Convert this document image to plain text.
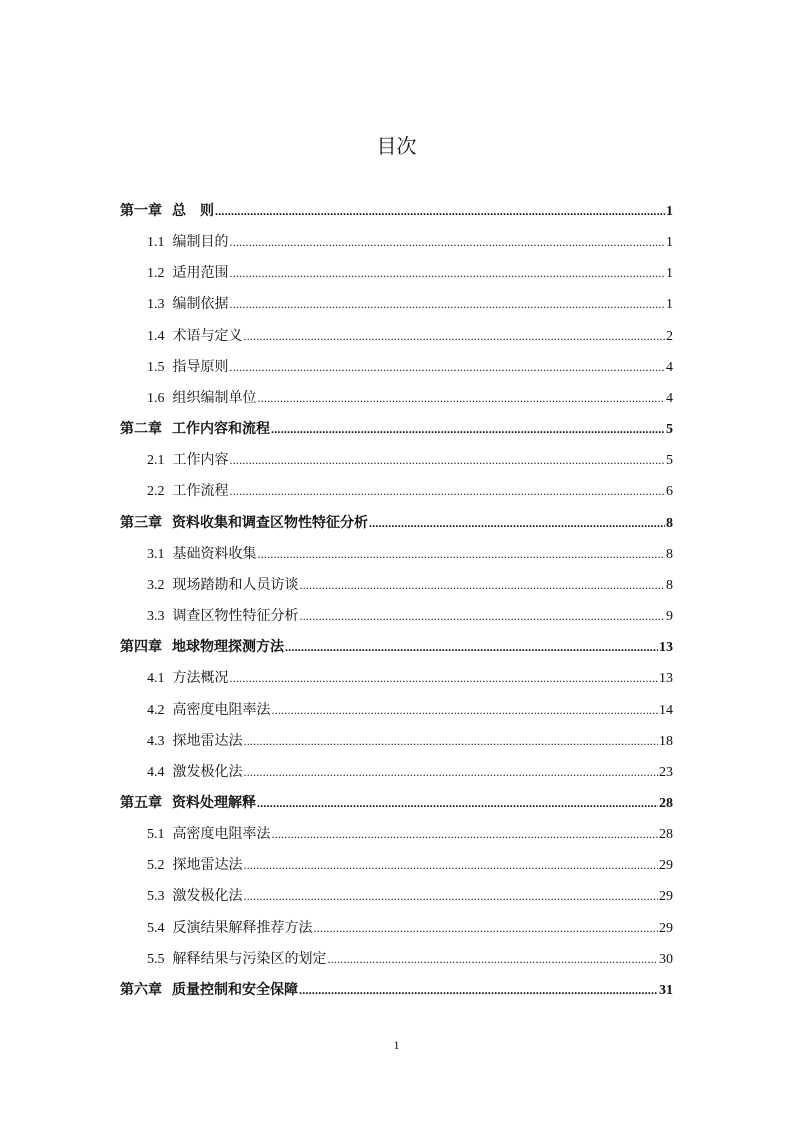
目次
第一章 总　则 .....	1
1.1 编制目的 .....	1
1.2 适用范围 .....	1
1.3 编制依据 .....	1
1.4 术语与定义 .....	2
1.5 指导原则 .....	4
1.6 组织编制单位 .....	4
第二章 工作内容和流程 .....	5
2.1 工作内容 .....	5
2.2 工作流程 .....	6
第三章 资料收集和调查区物性特征分析 .....	8
3.1 基础资料收集 .....	8
3.2 现场踏勘和人员访谈 .....	8
3.3 调查区物性特征分析 .....	9
第四章 地球物理探测方法 .....	13
4.1 方法概况 .....	13
4.2 高密度电阻率法 .....	14
4.3 探地雷达法 .....	18
4.4 激发极化法 .....	23
第五章 资料处理解释 .....	28
5.1 高密度电阻率法 .....	28
5.2 探地雷达法 .....	29
5.3 激发极化法 .....	29
5.4 反演结果解释推荐方法 .....	29
5.5 解释结果与污染区的划定 .....	30
第六章 质量控制和安全保障 .....	31
1
